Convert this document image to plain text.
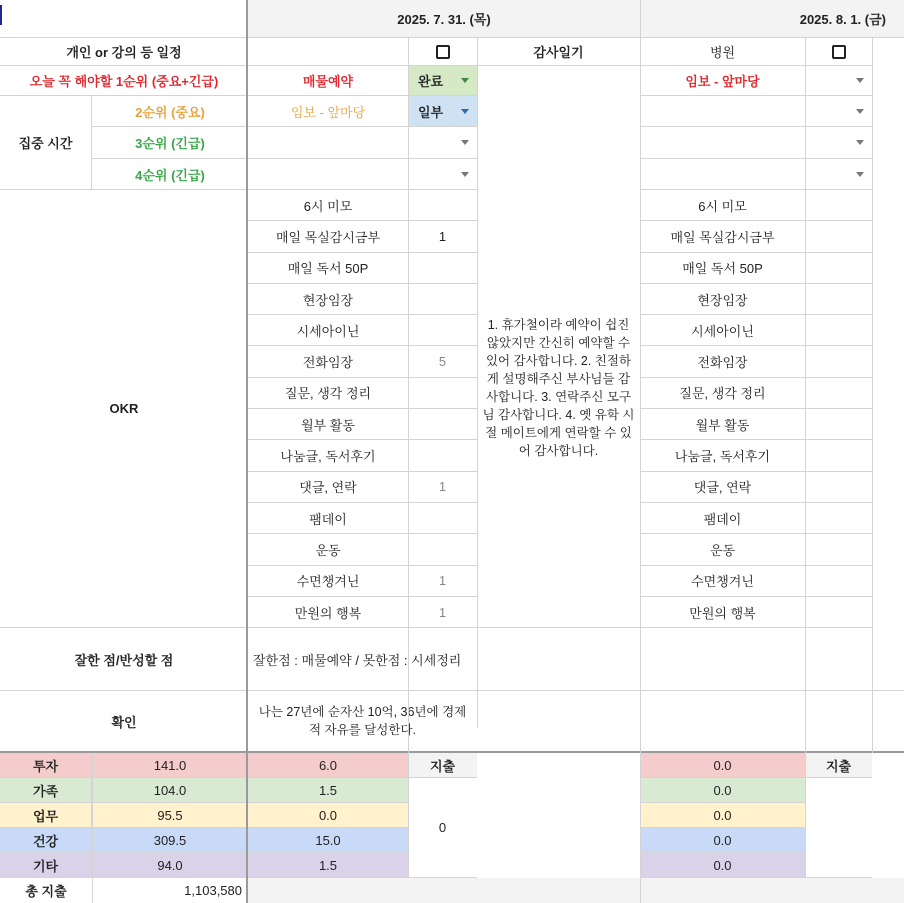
2025. 7. 31. (목)	2025. 8. 1. (금)
개인 or 강의 등 일정	감사일기	병원
오늘 꼭 해야할 1순위 (중요+긴급)	매물예약	완료	임보 - 앞마당
집중 시간
2순위 (중요)	임보 - 앞마당	일부
3순위 (긴급)
4순위 (긴급)
OKR
6시 미모	6시 미모
매일 목실감시금부	1	매일 목실감시금부
매일 독서 50P	매일 독서 50P
현장임장	현장임장
시세아이닌	시세아이닌
전화임장	5	전화임장
질문, 생각 정리	질문, 생각 정리
월부 활동	월부 활동
나눔글, 독서후기	나눔글, 독서후기
댓글, 연락	1	댓글, 연락
팸데이	팸데이
운동	운동
수면챙겨닌	1	수면챙겨닌
만원의 행복	1	만원의 행복
1. 휴가철이라 예약이 쉽진 않았지만 간신히 예약할 수 있어 감사합니다. 2. 친절하게 설명해주신 부사님들 감사합니다. 3. 연락주신 모구님 감사합니다. 4. 옛 유학 시절 메이트에게 연락할 수 있어 감사합니다.
잘한 점/반성할 점	잘한점 : 매물예약 / 못한점 : 시세정리
확인
나는 27년에 순자산 10억, 36년에 경제적 자유를 달성한다.
투자	141.0	6.0	0.0
가족	104.0	1.5	0.0
업무	95.5	0.0	0.0
건강	309.5	15.0	0.0
기타	94.0	1.5	0.0
지출
0
지출
총 지출	1,103,580
